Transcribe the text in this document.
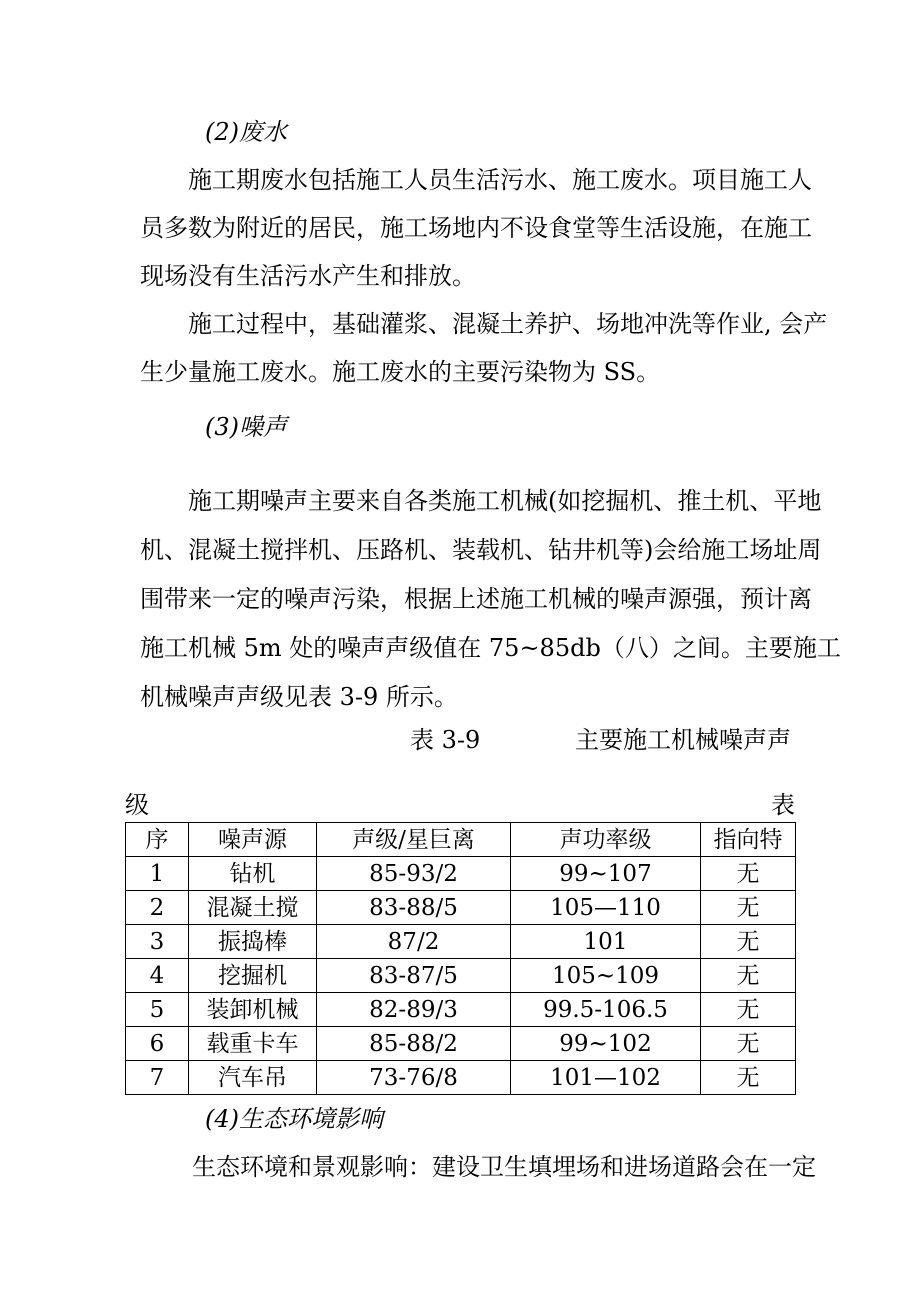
(2)废水
施工期废水包括施工人员生活污水、施工废水。项目施工人
员多数为附近的居民，施工场地内不设食堂等生活设施，在施工
现场没有生活污水产生和排放。
施工过程中，基础灌浆、混凝土养护、场地冲洗等作业, 会产
生少量施工废水。施工废水的主要污染物为 SS。
(3)噪声
施工期噪声主要来自各类施工机械(如挖掘机、推土机、平地
机、混凝土搅拌机、压路机、装载机、钻井机等)会给施工场址周
围带来一定的噪声污染，根据上述施工机械的噪声源强，预计离
施工机械 5m 处的噪声声级值在 75~85db（八）之间。主要施工
机械噪声声级见表 3-9 所示。
表 3-9	主要施工机械噪声声
级	表
序	噪声源	声级/星巨离	声功率级	指向特
1	钻机	85-93/2	99~107	无
2	混凝土搅	83-88/5	105—110	无
3	振捣棒	87/2	101	无
4	挖掘机	83-87/5	105~109	无
5	装卸机械	82-89/3	99.5-106.5	无
6	载重卡车	85-88/2	99~102	无
7	汽车吊	73-76/8	101—102	无
(4)生态环境影响
生态环境和景观影响：建设卫生填埋场和进场道路会在一定
